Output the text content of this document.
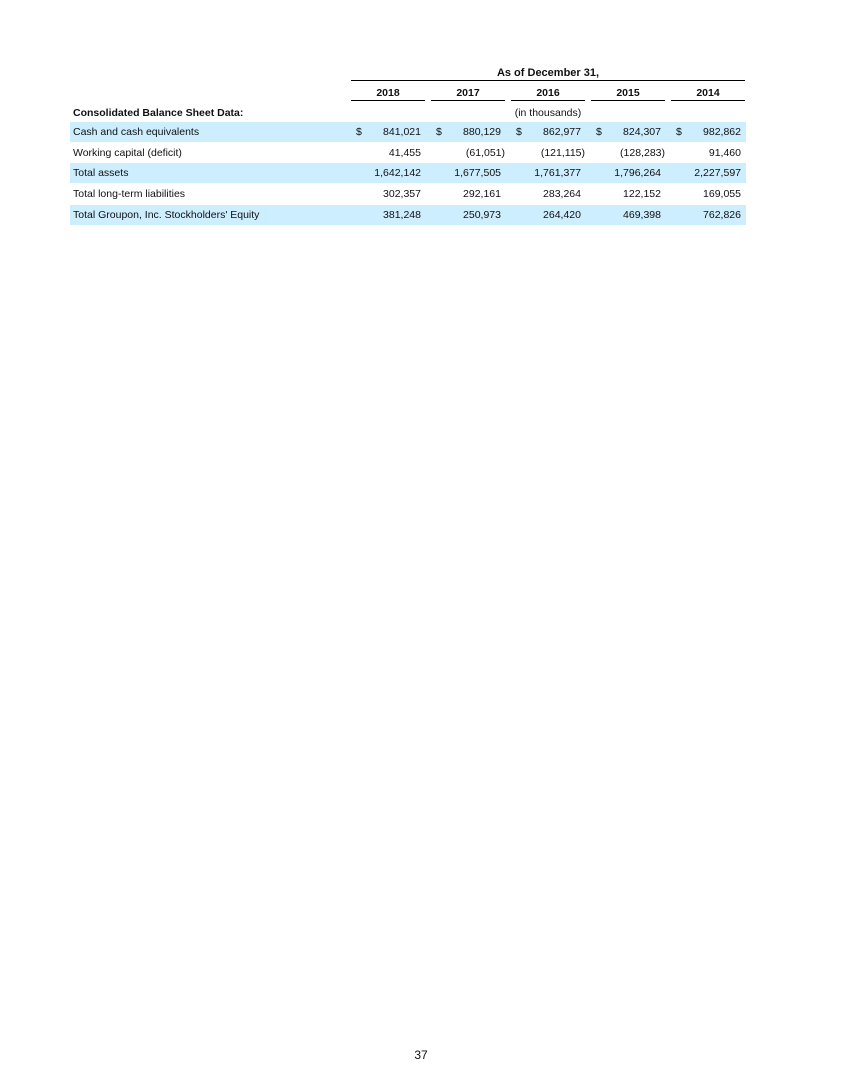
As of December 31,
2018	2017	2016	2015	2014
Consolidated Balance Sheet Data:	(in thousands)
Cash and cash equivalents	$	841,021 $	880,129 $	862,977 $	824,307 $	982,862
Working capital (deficit)	41,455	(61,051)	(121,115)	(128,283)	91,460
Total assets	1,642,142	1,677,505	1,761,377	1,796,264	2,227,597
Total long-term liabilities	302,357	292,161	283,264	122,152	169,055
Total Groupon, Inc. Stockholders' Equity	381,248	250,973	264,420	469,398	762,826
37
